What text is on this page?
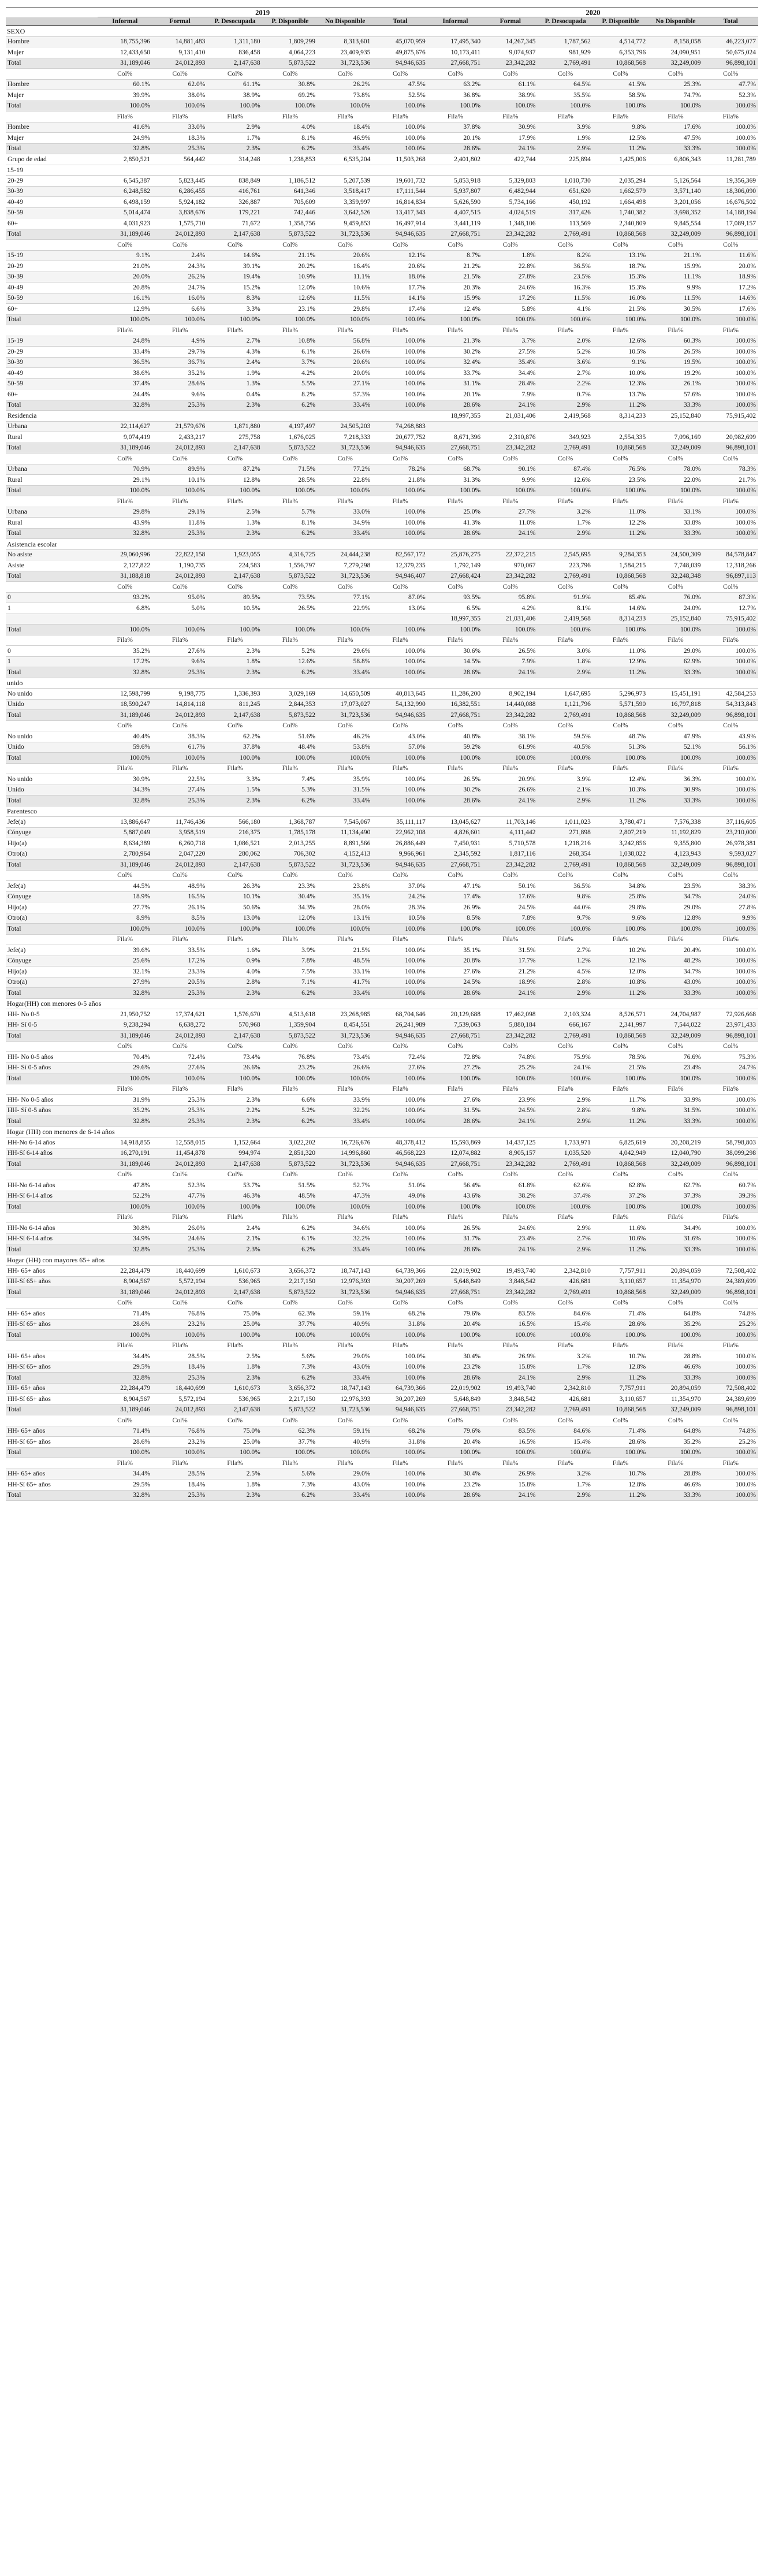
	2019						2020					
	Informal	Formal	P. Desocupada	P. Disponible	No Disponible	Total	Informal	Formal	P. Desocupada	P. Disponible	No Disponible	Total
SEXO												
Hombre	18,755,396	14,881,483	1,311,180	1,809,299	8,313,601	45,070,959	17,495,340	14,267,345	1,787,562	4,514,772	8,158,058	46,223,077
Mujer	12,433,650	9,131,410	836,458	4,064,223	23,409,935	49,875,676	10,173,411	9,074,937	981,929	6,353,796	24,090,951	50,675,024
Total	31,189,046	24,012,893	2,147,638	5,873,522	31,723,536	94,946,635	27,668,751	23,342,282	2,769,491	10,868,568	32,249,009	96,898,101
	Col%	Col%	Col%	Col%	Col%	Col%	Col%	Col%	Col%	Col%	Col%	Col%
Hombre	60.1%	62.0%	61.1%	30.8%	26.2%	47.5%	63.2%	61.1%	64.5%	41.5%	25.3%	47.7%
Mujer	39.9%	38.0%	38.9%	69.2%	73.8%	52.5%	36.8%	38.9%	35.5%	58.5%	74.7%	52.3%
Total	100.0%	100.0%	100.0%	100.0%	100.0%	100.0%	100.0%	100.0%	100.0%	100.0%	100.0%	100.0%
	Fila%	Fila%	Fila%	Fila%	Fila%	Fila%	Fila%	Fila%	Fila%	Fila%	Fila%	Fila%
Hombre	41.6%	33.0%	2.9%	4.0%	18.4%	100.0%	37.8%	30.9%	3.9%	9.8%	17.6%	100.0%
Mujer	24.9%	18.3%	1.7%	8.1%	46.9%	100.0%	20.1%	17.9%	1.9%	12.5%	47.5%	100.0%
Total	32.8%	25.3%	2.3%	6.2%	33.4%	100.0%	28.6%	24.1%	2.9%	11.2%	33.3%	100.0%
Grupo de edad	2,850,521	564,442	314,248	1,238,853	6,535,204	11,503,268	2,401,802	422,744	225,894	1,425,006	6,806,343	11,281,789
15-19												
20-29	6,545,387	5,823,445	838,849	1,186,512	5,207,539	19,601,732	5,853,918	5,329,803	1,010,730	2,035,294	5,126,564	19,356,369
30-39	6,248,582	6,286,455	416,761	641,346	3,518,417	17,111,544	5,937,807	6,482,944	651,620	1,662,579	3,571,140	18,306,090
40-49	6,498,159	5,924,182	326,887	705,609	3,359,997	16,814,834	5,626,590	5,734,166	450,192	1,664,498	3,201,056	16,676,502
50-59	5,014,474	3,838,676	179,221	742,446	3,642,526	13,417,343	4,407,515	4,024,519	317,426	1,740,382	3,698,352	14,188,194
60+	4,031,923	1,575,710	71,672	1,358,756	9,459,853	16,497,914	3,441,119	1,348,106	113,569	2,340,809	9,845,554	17,089,157
Total	31,189,046	24,012,893	2,147,638	5,873,522	31,723,536	94,946,635	27,668,751	23,342,282	2,769,491	10,868,568	32,249,009	96,898,101
	Col%	Col%	Col%	Col%	Col%	Col%	Col%	Col%	Col%	Col%	Col%	Col%
15-19	9.1%	2.4%	14.6%	21.1%	20.6%	12.1%	8.7%	1.8%	8.2%	13.1%	21.1%	11.6%
20-29	21.0%	24.3%	39.1%	20.2%	16.4%	20.6%	21.2%	22.8%	36.5%	18.7%	15.9%	20.0%
30-39	20.0%	26.2%	19.4%	10.9%	11.1%	18.0%	21.5%	27.8%	23.5%	15.3%	11.1%	18.9%
40-49	20.8%	24.7%	15.2%	12.0%	10.6%	17.7%	20.3%	24.6%	16.3%	15.3%	9.9%	17.2%
50-59	16.1%	16.0%	8.3%	12.6%	11.5%	14.1%	15.9%	17.2%	11.5%	16.0%	11.5%	14.6%
60+	12.9%	6.6%	3.3%	23.1%	29.8%	17.4%	12.4%	5.8%	4.1%	21.5%	30.5%	17.6%
Total	100.0%	100.0%	100.0%	100.0%	100.0%	100.0%	100.0%	100.0%	100.0%	100.0%	100.0%	100.0%
	Fila%	Fila%	Fila%	Fila%	Fila%	Fila%	Fila%	Fila%	Fila%	Fila%	Fila%	Fila%
15-19	24.8%	4.9%	2.7%	10.8%	56.8%	100.0%	21.3%	3.7%	2.0%	12.6%	60.3%	100.0%
20-29	33.4%	29.7%	4.3%	6.1%	26.6%	100.0%	30.2%	27.5%	5.2%	10.5%	26.5%	100.0%
30-39	36.5%	36.7%	2.4%	3.7%	20.6%	100.0%	32.4%	35.4%	3.6%	9.1%	19.5%	100.0%
40-49	38.6%	35.2%	1.9%	4.2%	20.0%	100.0%	33.7%	34.4%	2.7%	10.0%	19.2%	100.0%
50-59	37.4%	28.6%	1.3%	5.5%	27.1%	100.0%	31.1%	28.4%	2.2%	12.3%	26.1%	100.0%
60+	24.4%	9.6%	0.4%	8.2%	57.3%	100.0%	20.1%	7.9%	0.7%	13.7%	57.6%	100.0%
Total	32.8%	25.3%	2.3%	6.2%	33.4%	100.0%	28.6%	24.1%	2.9%	11.2%	33.3%	100.0%
Residencia							18,997,355	21,031,406	2,419,568	8,314,233	25,152,840	75,915,402
Urbana	22,114,627	21,579,676	1,871,880	4,197,497	24,505,203	74,268,883						
Rural	9,074,419	2,433,217	275,758	1,676,025	7,218,333	20,677,752	8,671,396	2,310,876	349,923	2,554,335	7,096,169	20,982,699
Total	31,189,046	24,012,893	2,147,638	5,873,522	31,723,536	94,946,635	27,668,751	23,342,282	2,769,491	10,868,568	32,249,009	96,898,101
	Col%	Col%	Col%	Col%	Col%	Col%	Col%	Col%	Col%	Col%	Col%	Col%
Urbana	70.9%	89.9%	87.2%	71.5%	77.2%	78.2%	68.7%	90.1%	87.4%	76.5%	78.0%	78.3%
Rural	29.1%	10.1%	12.8%	28.5%	22.8%	21.8%	31.3%	9.9%	12.6%	23.5%	22.0%	21.7%
Total	100.0%	100.0%	100.0%	100.0%	100.0%	100.0%	100.0%	100.0%	100.0%	100.0%	100.0%	100.0%
	Fila%	Fila%	Fila%	Fila%	Fila%	Fila%	Fila%	Fila%	Fila%	Fila%	Fila%	Fila%
Urbana	29.8%	29.1%	2.5%	5.7%	33.0%	100.0%	25.0%	27.7%	3.2%	11.0%	33.1%	100.0%
Rural	43.9%	11.8%	1.3%	8.1%	34.9%	100.0%	41.3%	11.0%	1.7%	12.2%	33.8%	100.0%
Total	32.8%	25.3%	2.3%	6.2%	33.4%	100.0%	28.6%	24.1%	2.9%	11.2%	33.3%	100.0%
Asistencia escolar												
No asiste	29,060,996	22,822,158	1,923,055	4,316,725	24,444,238	82,567,172	25,876,275	22,372,215	2,545,695	9,284,353	24,500,309	84,578,847
Asiste	2,127,822	1,190,735	224,583	1,556,797	7,279,298	12,379,235	1,792,149	970,067	223,796	1,584,215	7,748,039	12,318,266
Total	31,188,818	24,012,893	2,147,638	5,873,522	31,723,536	94,946,407	27,668,424	23,342,282	2,769,491	10,868,568	32,248,348	96,897,113
	Col%	Col%	Col%	Col%	Col%	Col%	Col%	Col%	Col%	Col%	Col%	Col%
0	93.2%	95.0%	89.5%	73.5%	77.1%	87.0%	93.5%	95.8%	91.9%	85.4%	76.0%	87.3%
1	6.8%	5.0%	10.5%	26.5%	22.9%	13.0%	6.5%	4.2%	8.1%	14.6%	24.0%	12.7%
							18,997,355	21,031,406	2,419,568	8,314,233	25,152,840	75,915,402
Total	100.0%	100.0%	100.0%	100.0%	100.0%	100.0%	100.0%	100.0%	100.0%	100.0%	100.0%	100.0%
	Fila%	Fila%	Fila%	Fila%	Fila%	Fila%	Fila%	Fila%	Fila%	Fila%	Fila%	Fila%
0	35.2%	27.6%	2.3%	5.2%	29.6%	100.0%	30.6%	26.5%	3.0%	11.0%	29.0%	100.0%
1	17.2%	9.6%	1.8%	12.6%	58.8%	100.0%	14.5%	7.9%	1.8%	12.9%	62.9%	100.0%
Total	32.8%	25.3%	2.3%	6.2%	33.4%	100.0%	28.6%	24.1%	2.9%	11.2%	33.3%	100.0%
unido												
No unido	12,598,799	9,198,775	1,336,393	3,029,169	14,650,509	40,813,645	11,286,200	8,902,194	1,647,695	5,296,973	15,451,191	42,584,253
Unido	18,590,247	14,814,118	811,245	2,844,353	17,073,027	54,132,990	16,382,551	14,440,088	1,121,796	5,571,590	16,797,818	54,313,843
Total	31,189,046	24,012,893	2,147,638	5,873,522	31,723,536	94,946,635	27,668,751	23,342,282	2,769,491	10,868,568	32,249,009	96,898,101
	Col%	Col%	Col%	Col%	Col%	Col%	Col%	Col%	Col%	Col%	Col%	Col%
No unido	40.4%	38.3%	62.2%	51.6%	46.2%	43.0%	40.8%	38.1%	59.5%	48.7%	47.9%	43.9%
Unido	59.6%	61.7%	37.8%	48.4%	53.8%	57.0%	59.2%	61.9%	40.5%	51.3%	52.1%	56.1%
Total	100.0%	100.0%	100.0%	100.0%	100.0%	100.0%	100.0%	100.0%	100.0%	100.0%	100.0%	100.0%
	Fila%	Fila%	Fila%	Fila%	Fila%	Fila%	Fila%	Fila%	Fila%	Fila%	Fila%	Fila%
No unido	30.9%	22.5%	3.3%	7.4%	35.9%	100.0%	26.5%	20.9%	3.9%	12.4%	36.3%	100.0%
Unido	34.3%	27.4%	1.5%	5.3%	31.5%	100.0%	30.2%	26.6%	2.1%	10.3%	30.9%	100.0%
Total	32.8%	25.3%	2.3%	6.2%	33.4%	100.0%	28.6%	24.1%	2.9%	11.2%	33.3%	100.0%
Parentesco												
Jefe(a)	13,886,647	11,746,436	566,180	1,368,787	7,545,067	35,111,117	13,045,627	11,703,146	1,011,023	3,780,471	7,576,338	37,116,605
Cónyuge	5,887,049	3,958,519	216,375	1,785,178	11,134,490	22,962,108	4,826,601	4,111,442	271,898	2,807,219	11,192,829	23,210,000
Hijo(a)	8,634,389	6,260,718	1,086,521	2,013,255	8,891,566	26,886,449	7,450,931	5,710,578	1,218,216	3,242,856	9,355,800	26,978,381
Otro(a)	2,780,964	2,047,220	280,062	706,302	4,152,413	9,966,961	2,345,592	1,817,116	268,354	1,038,022	4,123,943	9,593,027
Total	31,189,046	24,012,893	2,147,638	5,873,522	31,723,536	94,946,635	27,668,751	23,342,282	2,769,491	10,868,568	32,249,009	96,898,101
	Col%	Col%	Col%	Col%	Col%	Col%	Col%	Col%	Col%	Col%	Col%	Col%
Jefe(a)	44.5%	48.9%	26.3%	23.3%	23.8%	37.0%	47.1%	50.1%	36.5%	34.8%	23.5%	38.3%
Cónyuge	18.9%	16.5%	10.1%	30.4%	35.1%	24.2%	17.4%	17.6%	9.8%	25.8%	34.7%	24.0%
Hijo(a)	27.7%	26.1%	50.6%	34.3%	28.0%	28.3%	26.9%	24.5%	44.0%	29.8%	29.0%	27.8%
Otro(a)	8.9%	8.5%	13.0%	12.0%	13.1%	10.5%	8.5%	7.8%	9.7%	9.6%	12.8%	9.9%
Total	100.0%	100.0%	100.0%	100.0%	100.0%	100.0%	100.0%	100.0%	100.0%	100.0%	100.0%	100.0%
	Fila%	Fila%	Fila%	Fila%	Fila%	Fila%	Fila%	Fila%	Fila%	Fila%	Fila%	Fila%
Jefe(a)	39.6%	33.5%	1.6%	3.9%	21.5%	100.0%	35.1%	31.5%	2.7%	10.2%	20.4%	100.0%
Cónyuge	25.6%	17.2%	0.9%	7.8%	48.5%	100.0%	20.8%	17.7%	1.2%	12.1%	48.2%	100.0%
Hijo(a)	32.1%	23.3%	4.0%	7.5%	33.1%	100.0%	27.6%	21.2%	4.5%	12.0%	34.7%	100.0%
Otro(a)	27.9%	20.5%	2.8%	7.1%	41.7%	100.0%	24.5%	18.9%	2.8%	10.8%	43.0%	100.0%
Total	32.8%	25.3%	2.3%	6.2%	33.4%	100.0%	28.6%	24.1%	2.9%	11.2%	33.3%	100.0%
Hogar(HH) con menores 0-5 años												
HH- No 0-5	21,950,752	17,374,621	1,576,670	4,513,618	23,268,985	68,704,646	20,129,688	17,462,098	2,103,324	8,526,571	24,704,987	72,926,668
HH- Sí 0-5	9,238,294	6,638,272	570,968	1,359,904	8,454,551	26,241,989	7,539,063	5,880,184	666,167	2,341,997	7,544,022	23,971,433
Total	31,189,046	24,012,893	2,147,638	5,873,522	31,723,536	94,946,635	27,668,751	23,342,282	2,769,491	10,868,568	32,249,009	96,898,101
	Col%	Col%	Col%	Col%	Col%	Col%	Col%	Col%	Col%	Col%	Col%	Col%
HH- No 0-5 años	70.4%	72.4%	73.4%	76.8%	73.4%	72.4%	72.8%	74.8%	75.9%	78.5%	76.6%	75.3%
HH- Sí 0-5 años	29.6%	27.6%	26.6%	23.2%	26.6%	27.6%	27.2%	25.2%	24.1%	21.5%	23.4%	24.7%
Total	100.0%	100.0%	100.0%	100.0%	100.0%	100.0%	100.0%	100.0%	100.0%	100.0%	100.0%	100.0%
	Fila%	Fila%	Fila%	Fila%	Fila%	Fila%	Fila%	Fila%	Fila%	Fila%	Fila%	Fila%
HH- No 0-5 años	31.9%	25.3%	2.3%	6.6%	33.9%	100.0%	27.6%	23.9%	2.9%	11.7%	33.9%	100.0%
HH- Sí 0-5 años	35.2%	25.3%	2.2%	5.2%	32.2%	100.0%	31.5%	24.5%	2.8%	9.8%	31.5%	100.0%
Total	32.8%	25.3%	2.3%	6.2%	33.4%	100.0%	28.6%	24.1%	2.9%	11.2%	33.3%	100.0%
Hogar (HH) con menores de 6-14 años												
HH-No 6-14 años	14,918,855	12,558,015	1,152,664	3,022,202	16,726,676	48,378,412	15,593,869	14,437,125	1,733,971	6,825,619	20,208,219	58,798,803
HH-Sí 6-14 años	16,270,191	11,454,878	994,974	2,851,320	14,996,860	46,568,223	12,074,882	8,905,157	1,035,520	4,042,949	12,040,790	38,099,298
Total	31,189,046	24,012,893	2,147,638	5,873,522	31,723,536	94,946,635	27,668,751	23,342,282	2,769,491	10,868,568	32,249,009	96,898,101
	Col%	Col%	Col%	Col%	Col%	Col%	Col%	Col%	Col%	Col%	Col%	Col%
HH-No 6-14 años	47.8%	52.3%	53.7%	51.5%	52.7%	51.0%	56.4%	61.8%	62.6%	62.8%	62.7%	60.7%
HH-Sí 6-14 años	52.2%	47.7%	46.3%	48.5%	47.3%	49.0%	43.6%	38.2%	37.4%	37.2%	37.3%	39.3%
Total	100.0%	100.0%	100.0%	100.0%	100.0%	100.0%	100.0%	100.0%	100.0%	100.0%	100.0%	100.0%
	Fila%	Fila%	Fila%	Fila%	Fila%	Fila%	Fila%	Fila%	Fila%	Fila%	Fila%	Fila%
HH-No 6-14 años	30.8%	26.0%	2.4%	6.2%	34.6%	100.0%	26.5%	24.6%	2.9%	11.6%	34.4%	100.0%
HH-Sí 6-14 años	34.9%	24.6%	2.1%	6.1%	32.2%	100.0%	31.7%	23.4%	2.7%	10.6%	31.6%	100.0%
Total	32.8%	25.3%	2.3%	6.2%	33.4%	100.0%	28.6%	24.1%	2.9%	11.2%	33.3%	100.0%
Hogar (HH) con mayores 65+ años												
HH- 65+ años	22,284,479	18,440,699	1,610,673	3,656,372	18,747,143	64,739,366	22,019,902	19,493,740	2,342,810	7,757,911	20,894,059	72,508,402
HH-Sí 65+ años	8,904,567	5,572,194	536,965	2,217,150	12,976,393	30,207,269	5,648,849	3,848,542	426,681	3,110,657	11,354,970	24,389,699
Total	31,189,046	24,012,893	2,147,638	5,873,522	31,723,536	94,946,635	27,668,751	23,342,282	2,769,491	10,868,568	32,249,009	96,898,101
	Col%	Col%	Col%	Col%	Col%	Col%	Col%	Col%	Col%	Col%	Col%	Col%
HH- 65+ años	71.4%	76.8%	75.0%	62.3%	59.1%	68.2%	79.6%	83.5%	84.6%	71.4%	64.8%	74.8%
HH-Sí 65+ años	28.6%	23.2%	25.0%	37.7%	40.9%	31.8%	20.4%	16.5%	15.4%	28.6%	35.2%	25.2%
Total	100.0%	100.0%	100.0%	100.0%	100.0%	100.0%	100.0%	100.0%	100.0%	100.0%	100.0%	100.0%
	Fila%	Fila%	Fila%	Fila%	Fila%	Fila%	Fila%	Fila%	Fila%	Fila%	Fila%	Fila%
HH- 65+ años	34.4%	28.5%	2.5%	5.6%	29.0%	100.0%	30.4%	26.9%	3.2%	10.7%	28.8%	100.0%
HH-Sí 65+ años	29.5%	18.4%	1.8%	7.3%	43.0%	100.0%	23.2%	15.8%	1.7%	12.8%	46.6%	100.0%
Total	32.8%	25.3%	2.3%	6.2%	33.4%	100.0%	28.6%	24.1%	2.9%	11.2%	33.3%	100.0%
HH- 65+ años	22,284,479	18,440,699	1,610,673	3,656,372	18,747,143	64,739,366	22,019,902	19,493,740	2,342,810	7,757,911	20,894,059	72,508,402
HH-Sí 65+ años	8,904,567	5,572,194	536,965	2,217,150	12,976,393	30,207,269	5,648,849	3,848,542	426,681	3,110,657	11,354,970	24,389,699
Total	31,189,046	24,012,893	2,147,638	5,873,522	31,723,536	94,946,635	27,668,751	23,342,282	2,769,491	10,868,568	32,249,009	96,898,101
	Col%	Col%	Col%	Col%	Col%	Col%	Col%	Col%	Col%	Col%	Col%	Col%
HH- 65+ años	71.4%	76.8%	75.0%	62.3%	59.1%	68.2%	79.6%	83.5%	84.6%	71.4%	64.8%	74.8%
HH-Sí 65+ años	28.6%	23.2%	25.0%	37.7%	40.9%	31.8%	20.4%	16.5%	15.4%	28.6%	35.2%	25.2%
Total	100.0%	100.0%	100.0%	100.0%	100.0%	100.0%	100.0%	100.0%	100.0%	100.0%	100.0%	100.0%
	Fila%	Fila%	Fila%	Fila%	Fila%	Fila%	Fila%	Fila%	Fila%	Fila%	Fila%	Fila%
HH- 65+ años	34.4%	28.5%	2.5%	5.6%	29.0%	100.0%	30.4%	26.9%	3.2%	10.7%	28.8%	100.0%
HH-Sí 65+ años	29.5%	18.4%	1.8%	7.3%	43.0%	100.0%	23.2%	15.8%	1.7%	12.8%	46.6%	100.0%
Total	32.8%	25.3%	2.3%	6.2%	33.4%	100.0%	28.6%	24.1%	2.9%	11.2%	33.3%	100.0%
